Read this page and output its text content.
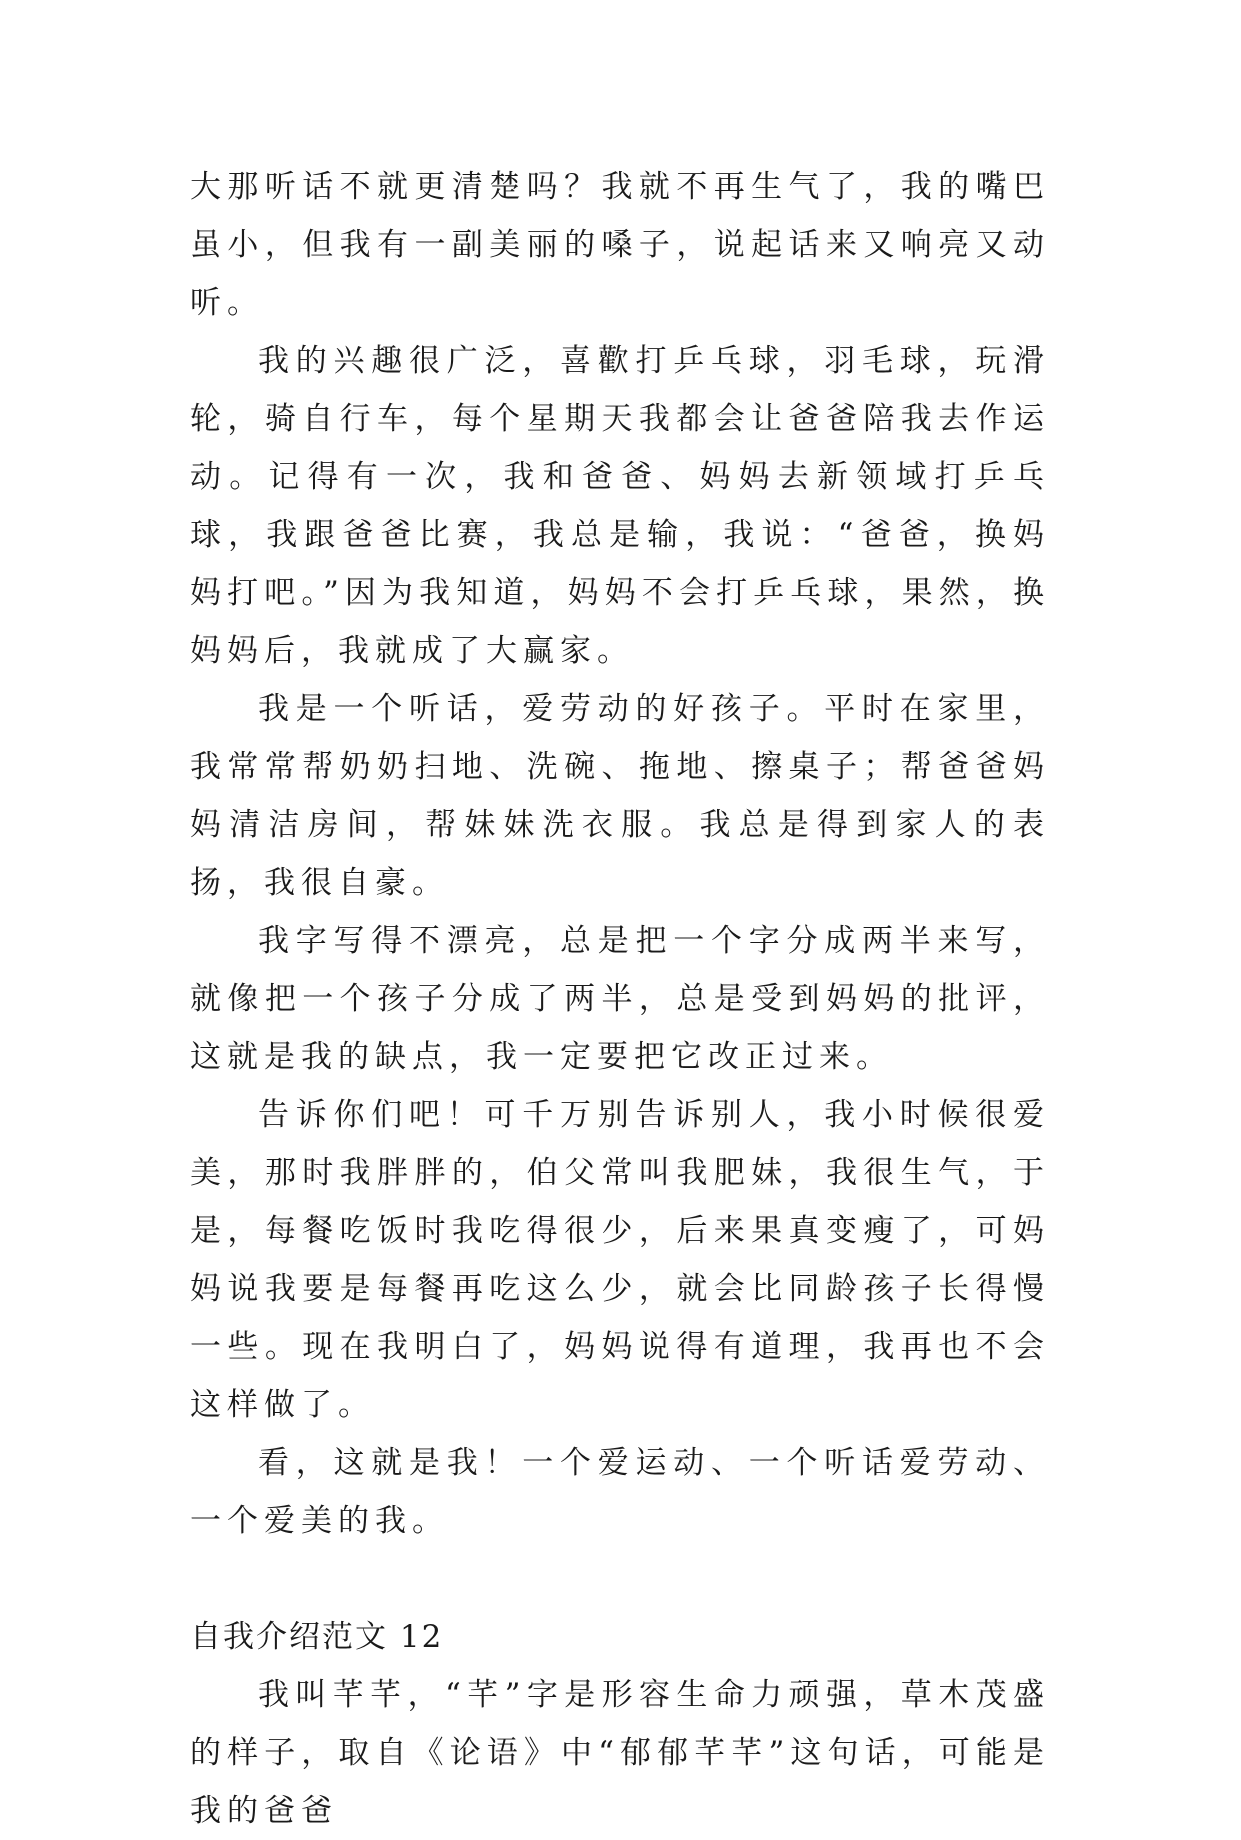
大那听话不就更清楚吗？我就不再生气了，我的嘴巴虽小，但我有一副美丽的嗓子，说起话来又响亮又动听。

我的兴趣很广泛，喜歡打乒乓球，羽毛球，玩滑轮，骑自行车，每个星期天我都会让爸爸陪我去作运动。记得有一次，我和爸爸、妈妈去新领域打乒乓球，我跟爸爸比赛，我总是输，我说：“爸爸，换妈妈打吧。”因为我知道，妈妈不会打乒乓球，果然，换妈妈后，我就成了大赢家。

我是一个听话，爱劳动的好孩子。平时在家里，我常常帮奶奶扫地、洗碗、拖地、擦桌子；帮爸爸妈妈清洁房间，帮妹妹洗衣服。我总是得到家人的表扬，我很自豪。

我字写得不漂亮，总是把一个字分成两半来写，就像把一个孩子分成了两半，总是受到妈妈的批评，这就是我的缺点，我一定要把它改正过来。

告诉你们吧！可千万别告诉别人，我小时候很爱美，那时我胖胖的，伯父常叫我肥妹，我很生气，于是，每餐吃饭时我吃得很少，后来果真变瘦了，可妈妈说我要是每餐再吃这么少，就会比同龄孩子长得慢一些。现在我明白了，妈妈说得有道理，我再也不会这样做了。

看，这就是我！一个爱运动、一个听话爱劳动、一个爱美的我。

自我介绍范文 12

我叫芊芊，“芊”字是形容生命力顽强，草木茂盛的样子，取自《论语》中“郁郁芊芊”这句话，可能是我的爸爸
